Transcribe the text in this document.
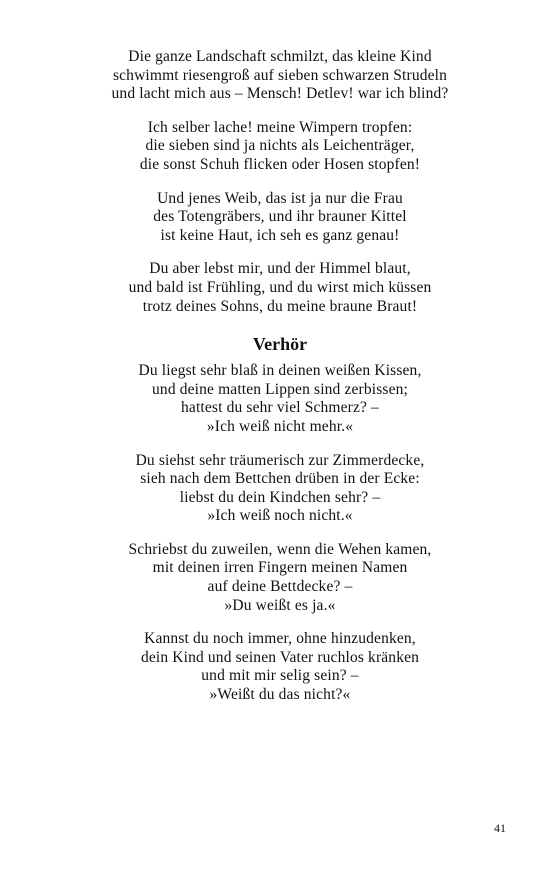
Die ganze Landschaft schmilzt, das kleine Kind
schwimmt riesengroß auf sieben schwarzen Strudeln
und lacht mich aus – Mensch! Detlev! war ich blind?
Ich selber lache! meine Wimpern tropfen:
die sieben sind ja nichts als Leichenträger,
die sonst Schuh flicken oder Hosen stopfen!
Und jenes Weib, das ist ja nur die Frau
des Totengräbers, und ihr brauner Kittel
ist keine Haut, ich seh es ganz genau!
Du aber lebst mir, und der Himmel blaut,
und bald ist Frühling, und du wirst mich küssen
trotz deines Sohns, du meine braune Braut!
Verhör
Du liegst sehr blaß in deinen weißen Kissen,
und deine matten Lippen sind zerbissen;
hattest du sehr viel Schmerz? –
»Ich weiß nicht mehr.«
Du siehst sehr träumerisch zur Zimmerdecke,
sieh nach dem Bettchen drüben in der Ecke:
liebst du dein Kindchen sehr? –
»Ich weiß noch nicht.«
Schriebst du zuweilen, wenn die Wehen kamen,
mit deinen irren Fingern meinen Namen
auf deine Bettdecke? –
»Du weißt es ja.«
Kannst du noch immer, ohne hinzudenken,
dein Kind und seinen Vater ruchlos kränken
und mit mir selig sein? –
»Weißt du das nicht?«
41
